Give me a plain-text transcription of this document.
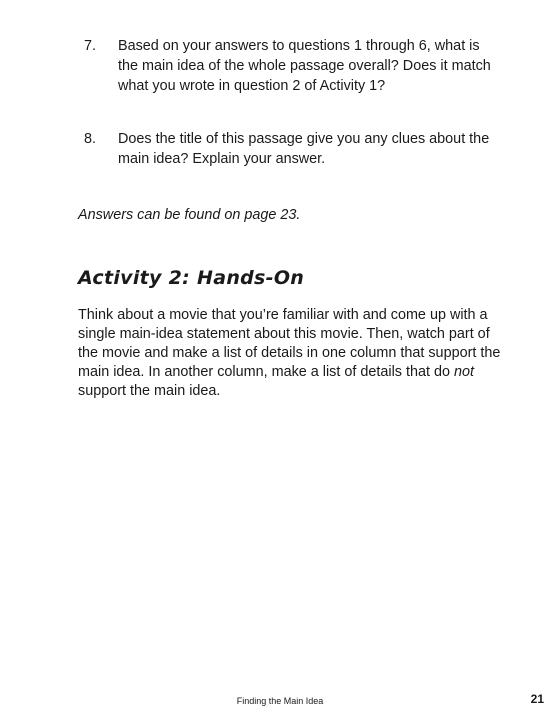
7.	Based on your answers to questions 1 through 6, what is the main idea of the whole passage overall? Does it match what you wrote in question 2 of Activity 1?
8.	Does the title of this passage give you any clues about the main idea? Explain your answer.
Answers can be found on page 23.
Activity 2: Hands-On

Think about a movie that you’re familiar with and come up with a single main-idea statement about this movie. Then, watch part of the movie and make a list of details in one column that support the main idea. In another column, make a list of details that do not support the main idea.

Finding the Main Idea	21
